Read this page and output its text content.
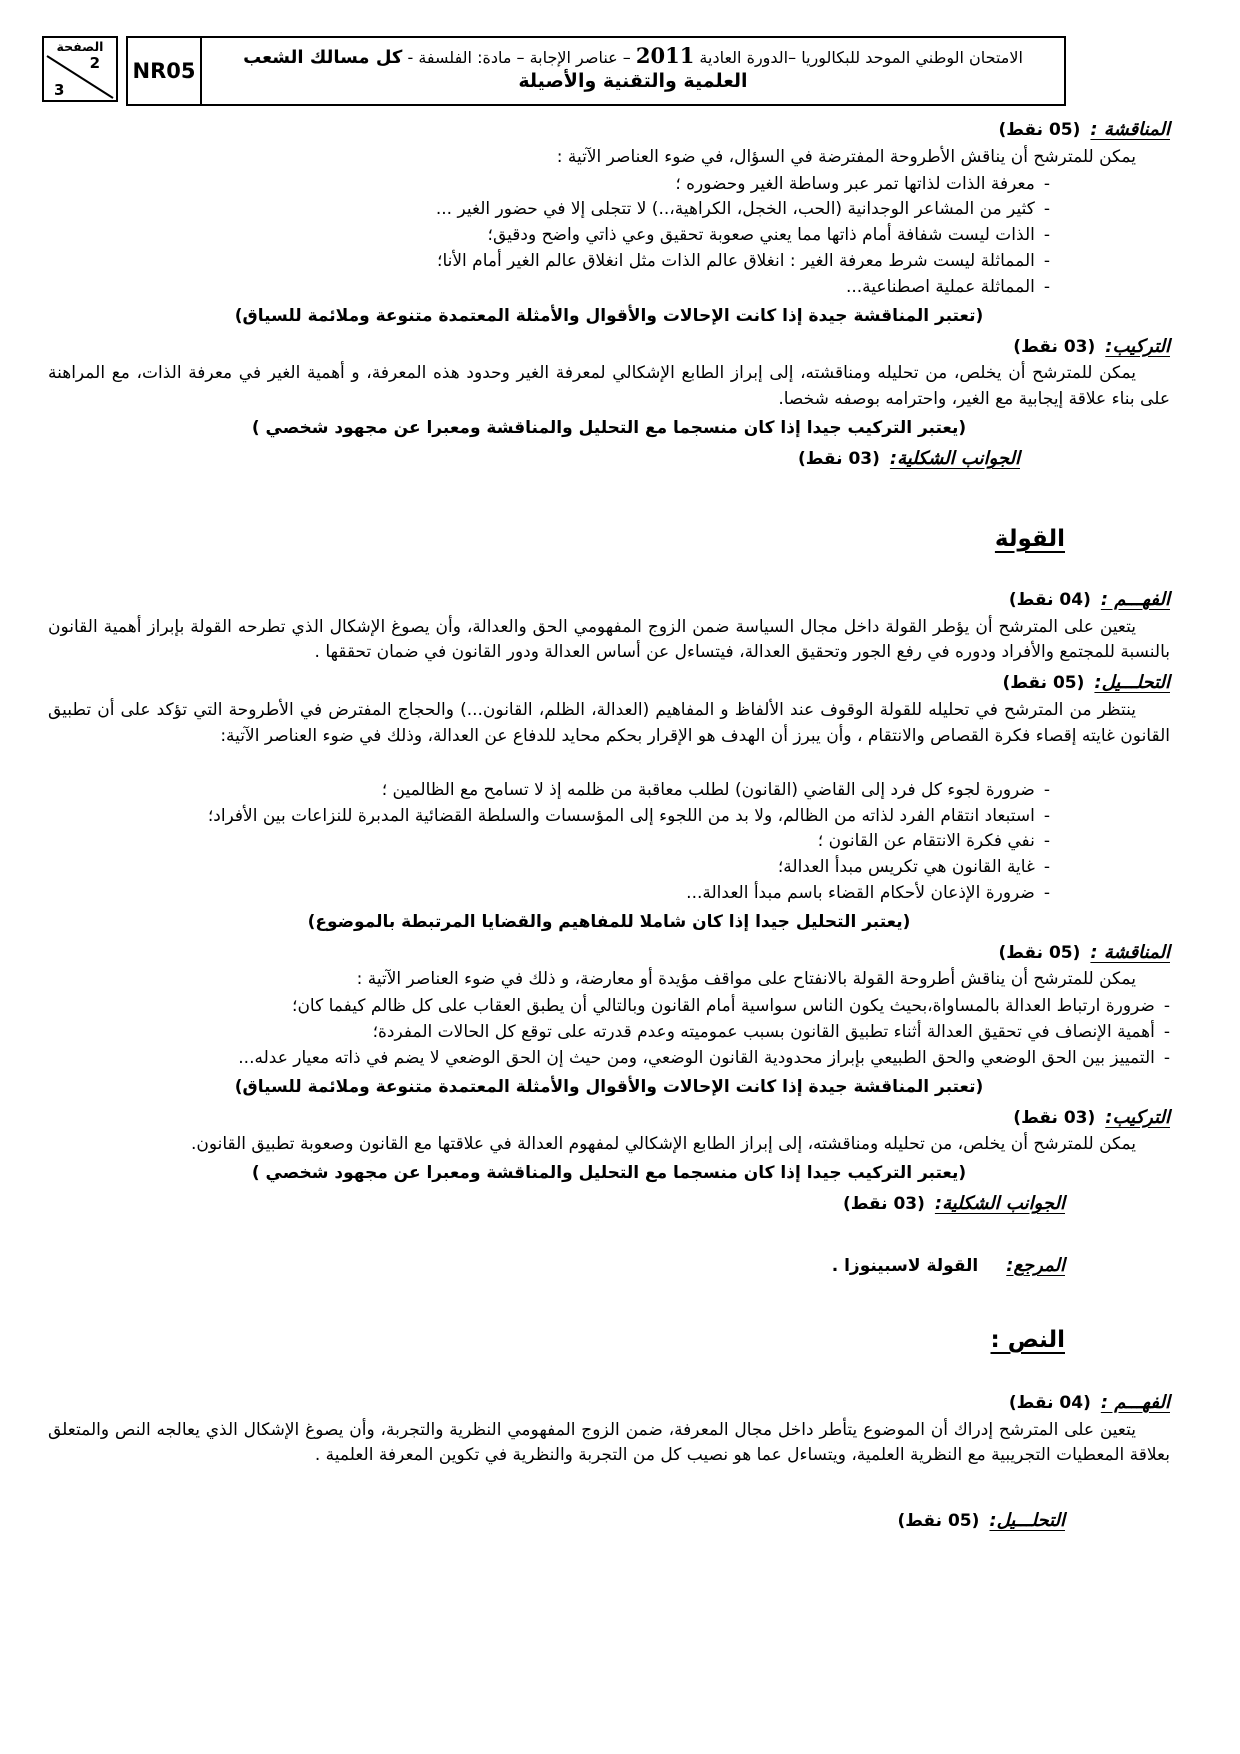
الصفحة
2
3
الامتحان الوطني الموحد للبكالوريا –الدورة العادية 2011 – عناصر الإجابة – مادة: الفلسفة - كل مسالك الشعب
العلمية والتقنية والأصيلة
NR05
المناقشة :(05 نقط)
يمكن للمترشح أن يناقش الأطروحة المفترضة في السؤال، في ضوء العناصر الآتية :
-
معرفة الذات لذاتها تمر عبر وساطة الغير وحضوره ؛
-
كثير من المشاعر الوجدانية (الحب، الخجل، الكراهية،..) لا تتجلى إلا في حضور الغير ...
-
الذات ليست شفافة أمام ذاتها مما يعني صعوبة تحقيق وعي ذاتي واضح ودقيق؛
-
المماثلة ليست شرط معرفة الغير : انغلاق عالم الذات مثل انغلاق عالم الغير أمام الأنا؛
-
المماثلة عملية اصطناعية...
(تعتبر المناقشة جيدة إذا كانت الإحالات والأقوال والأمثلة المعتمدة متنوعة وملائمة للسياق)
التركيب:(03 نقط)
يمكن للمترشح أن يخلص، من تحليله ومناقشته، إلى إبراز الطابع الإشكالي لمعرفة الغير وحدود هذه المعرفة، و أهمية الغير في معرفة الذات، مع المراهنة على بناء علاقة إيجابية مع الغير، واحترامه بوصفه شخصا.
(يعتبر التركيب جيدا إذا كان منسجما مع التحليل والمناقشة ومعبرا عن مجهود شخصي )
الجوانب الشكلية:(03 نقط)
القولة
الفهـــم :(04 نقط)
يتعين على المترشح أن يؤطر القولة داخل مجال السياسة ضمن الزوج المفهومي الحق والعدالة، وأن يصوغ الإشكال الذي تطرحه القولة بإبراز أهمية القانون بالنسبة للمجتمع والأفراد ودوره في رفع الجور وتحقيق العدالة، فيتساءل عن أساس العدالة ودور القانون في ضمان تحققها .
التحلـــيل:(05 نقط)
ينتظر من المترشح في تحليله للقولة الوقوف عند الألفاظ و المفاهيم (العدالة، الظلم، القانون...) والحجاج المفترض في الأطروحة التي تؤكد على أن تطبيق القانون غايته إقصاء فكرة القصاص والانتقام ، وأن يبرز أن الهدف هو الإقرار بحكم محايد للدفاع عن العدالة، وذلك في ضوء العناصر الآتية:
-
ضرورة لجوء كل فرد إلى القاضي (القانون) لطلب معاقبة من ظلمه إذ لا تسامح مع الظالمين ؛
-
استبعاد انتقام الفرد لذاته من الظالم، ولا بد من اللجوء إلى المؤسسات والسلطة القضائية المدبرة للنزاعات بين الأفراد؛
-
نفي فكرة الانتقام عن القانون ؛
-
غاية القانون هي تكريس مبدأ العدالة؛
-
ضرورة الإذعان لأحكام القضاء باسم مبدأ العدالة...
(يعتبر التحليل جيدا إذا كان شاملا للمفاهيم والقضايا المرتبطة بالموضوع)
المناقشة :(05 نقط)
يمكن للمترشح أن يناقش أطروحة القولة بالانفتاح على مواقف مؤيدة أو معارضة، و ذلك في ضوء العناصر الآتية :
-
ضرورة ارتباط العدالة بالمساواة،بحيث يكون الناس سواسية أمام القانون وبالتالي أن يطبق العقاب على كل ظالم كيفما كان؛
-
أهمية الإنصاف في تحقيق العدالة أثناء تطبيق القانون بسبب عموميته وعدم قدرته على توقع كل الحالات المفردة؛
-
التمييز بين الحق الوضعي والحق الطبيعي بإبراز محدودية القانون الوضعي، ومن حيث إن الحق الوضعي لا يضم في ذاته معيار عدله...
(تعتبر المناقشة جيدة إذا كانت الإحالات والأقوال والأمثلة المعتمدة متنوعة وملائمة للسياق)
التركيب:(03 نقط)
يمكن للمترشح أن يخلص، من تحليله ومناقشته، إلى إبراز الطابع الإشكالي لمفهوم العدالة في علاقتها مع القانون وصعوبة تطبيق القانون.
(يعتبر التركيب جيدا إذا كان منسجما مع التحليل والمناقشة ومعبرا عن مجهود شخصي )
الجوانب الشكلية:(03 نقط)
المرجع:القولة لاسبينوزا .
النص :
الفهـــم :(04 نقط)
يتعين على المترشح إدراك أن الموضوع يتأطر داخل مجال المعرفة، ضمن الزوج المفهومي النظرية والتجربة، وأن يصوغ الإشكال الذي يعالجه النص والمتعلق بعلاقة المعطيات التجريبية مع النظرية العلمية، ويتساءل عما هو نصيب كل من التجربة والنظرية في تكوين المعرفة العلمية .
التحلـــيل:(05 نقط)
